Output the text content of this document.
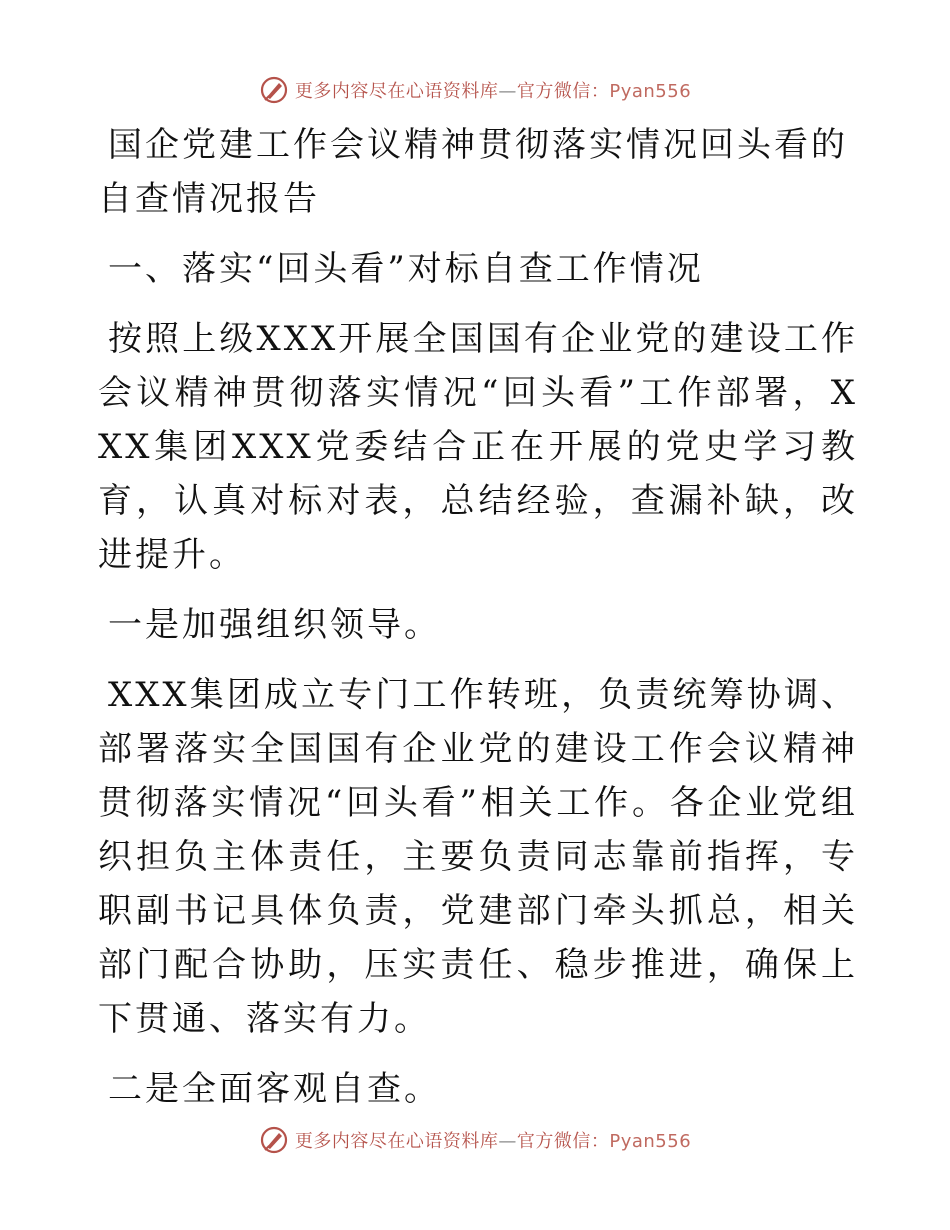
更多内容尽在心语资料库—官方微信：Pyan556
国企党建工作会议精神贯彻落实情况回头看的自查情况报告

一、落实“回头看”对标自查工作情况

按照上级XXX开展全国国有企业党的建设工作会议精神贯彻落实情况“回头看”工作部署，XXX集团XXX党委结合正在开展的党史学习教育，认真对标对表，总结经验，查漏补缺，改进提升。

一是加强组织领导。

XXX集团成立专门工作转班，负责统筹协调、部署落实全国国有企业党的建设工作会议精神贯彻落实情况“回头看”相关工作。各企业党组织担负主体责任，主要负责同志靠前指挥，专职副书记具体负责，党建部门牵头抓总，相关部门配合协助，压实责任、稳步推进，确保上下贯通、落实有力。

二是全面客观自查。

更多内容尽在心语资料库—官方微信：Pyan556
